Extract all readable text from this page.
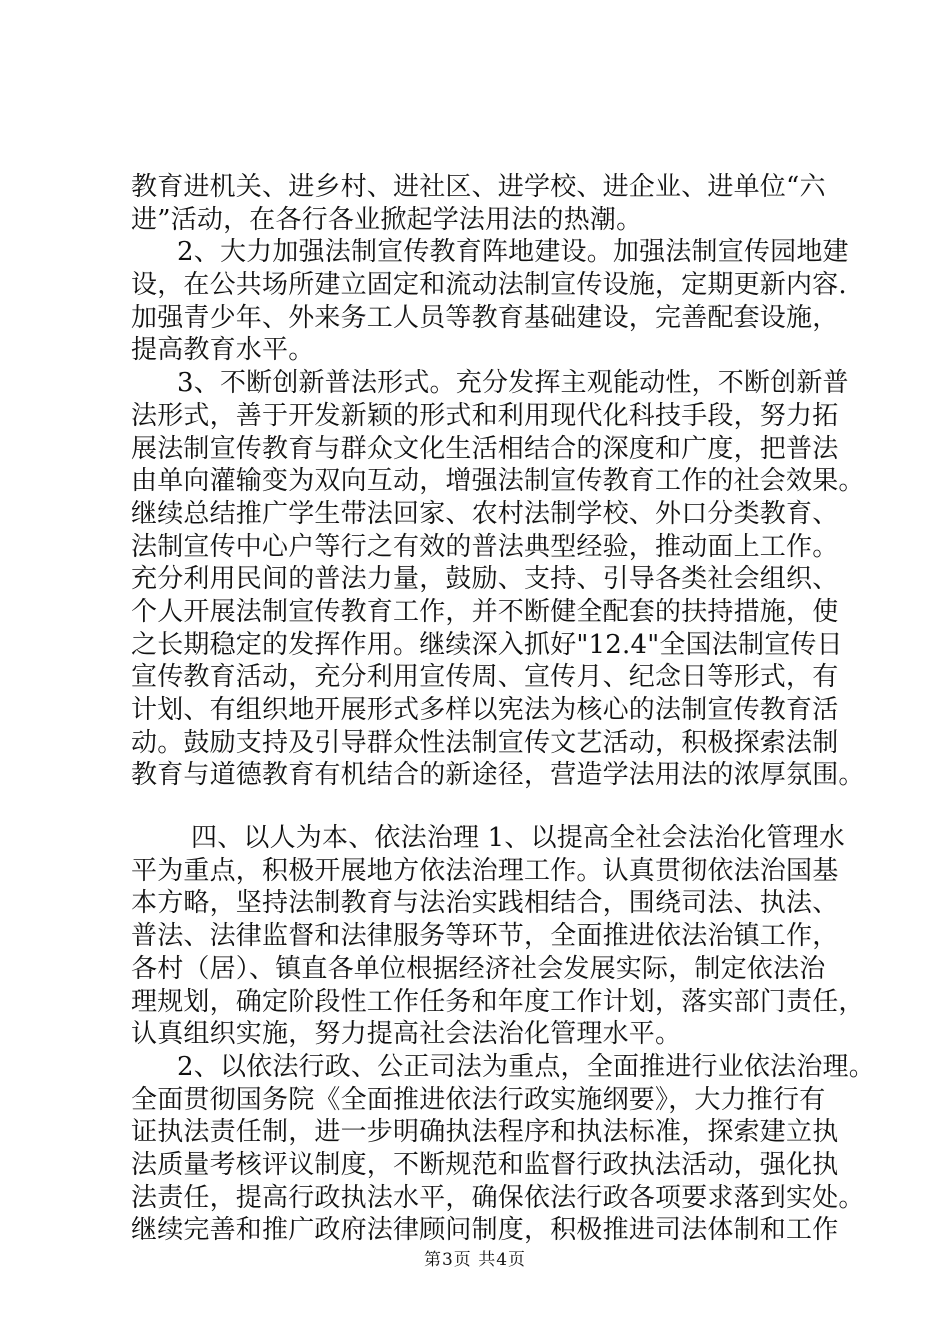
教育进机关、进乡村、进社区、进学校、进企业、进单位“六
进”活动，在各行各业掀起学法用法的热潮。
2、大力加强法制宣传教育阵地建设。加强法制宣传园地建
设，在公共场所建立固定和流动法制宣传设施，定期更新内容.
加强青少年、外来务工人员等教育基础建设，完善配套设施，
提高教育水平。
3、不断创新普法形式。充分发挥主观能动性，不断创新普
法形式，善于开发新颖的形式和利用现代化科技手段，努力拓
展法制宣传教育与群众文化生活相结合的深度和广度，把普法
由单向灌输变为双向互动，增强法制宣传教育工作的社会效果。
继续总结推广学生带法回家、农村法制学校、外口分类教育、
法制宣传中心户等行之有效的普法典型经验，推动面上工作。
充分利用民间的普法力量，鼓励、支持、引导各类社会组织、
个人开展法制宣传教育工作，并不断健全配套的扶持措施，使
之长期稳定的发挥作用。继续深入抓好"12.4"全国法制宣传日
宣传教育活动，充分利用宣传周、宣传月、纪念日等形式，有
计划、有组织地开展形式多样以宪法为核心的法制宣传教育活
动。鼓励支持及引导群众性法制宣传文艺活动，积极探索法制
教育与道德教育有机结合的新途径，营造学法用法的浓厚氛围。
四、以人为本、依法治理 1、以提高全社会法治化管理水
平为重点，积极开展地方依法治理工作。认真贯彻依法治国基
本方略，坚持法制教育与法治实践相结合，围绕司法、执法、
普法、法律监督和法律服务等环节，全面推进依法治镇工作，
各村（居）、镇直各单位根据经济社会发展实际，制定依法治
理规划，确定阶段性工作任务和年度工作计划，落实部门责任，
认真组织实施，努力提高社会法治化管理水平。
2、以依法行政、公正司法为重点，全面推进行业依法治理。
全面贯彻国务院《全面推进依法行政实施纲要》，大力推行有
证执法责任制，进一步明确执法程序和执法标准，探索建立执
法质量考核评议制度，不断规范和监督行政执法活动，强化执
法责任，提高行政执法水平，确保依法行政各项要求落到实处。
继续完善和推广政府法律顾问制度，积极推进司法体制和工作
第3页 共4页
